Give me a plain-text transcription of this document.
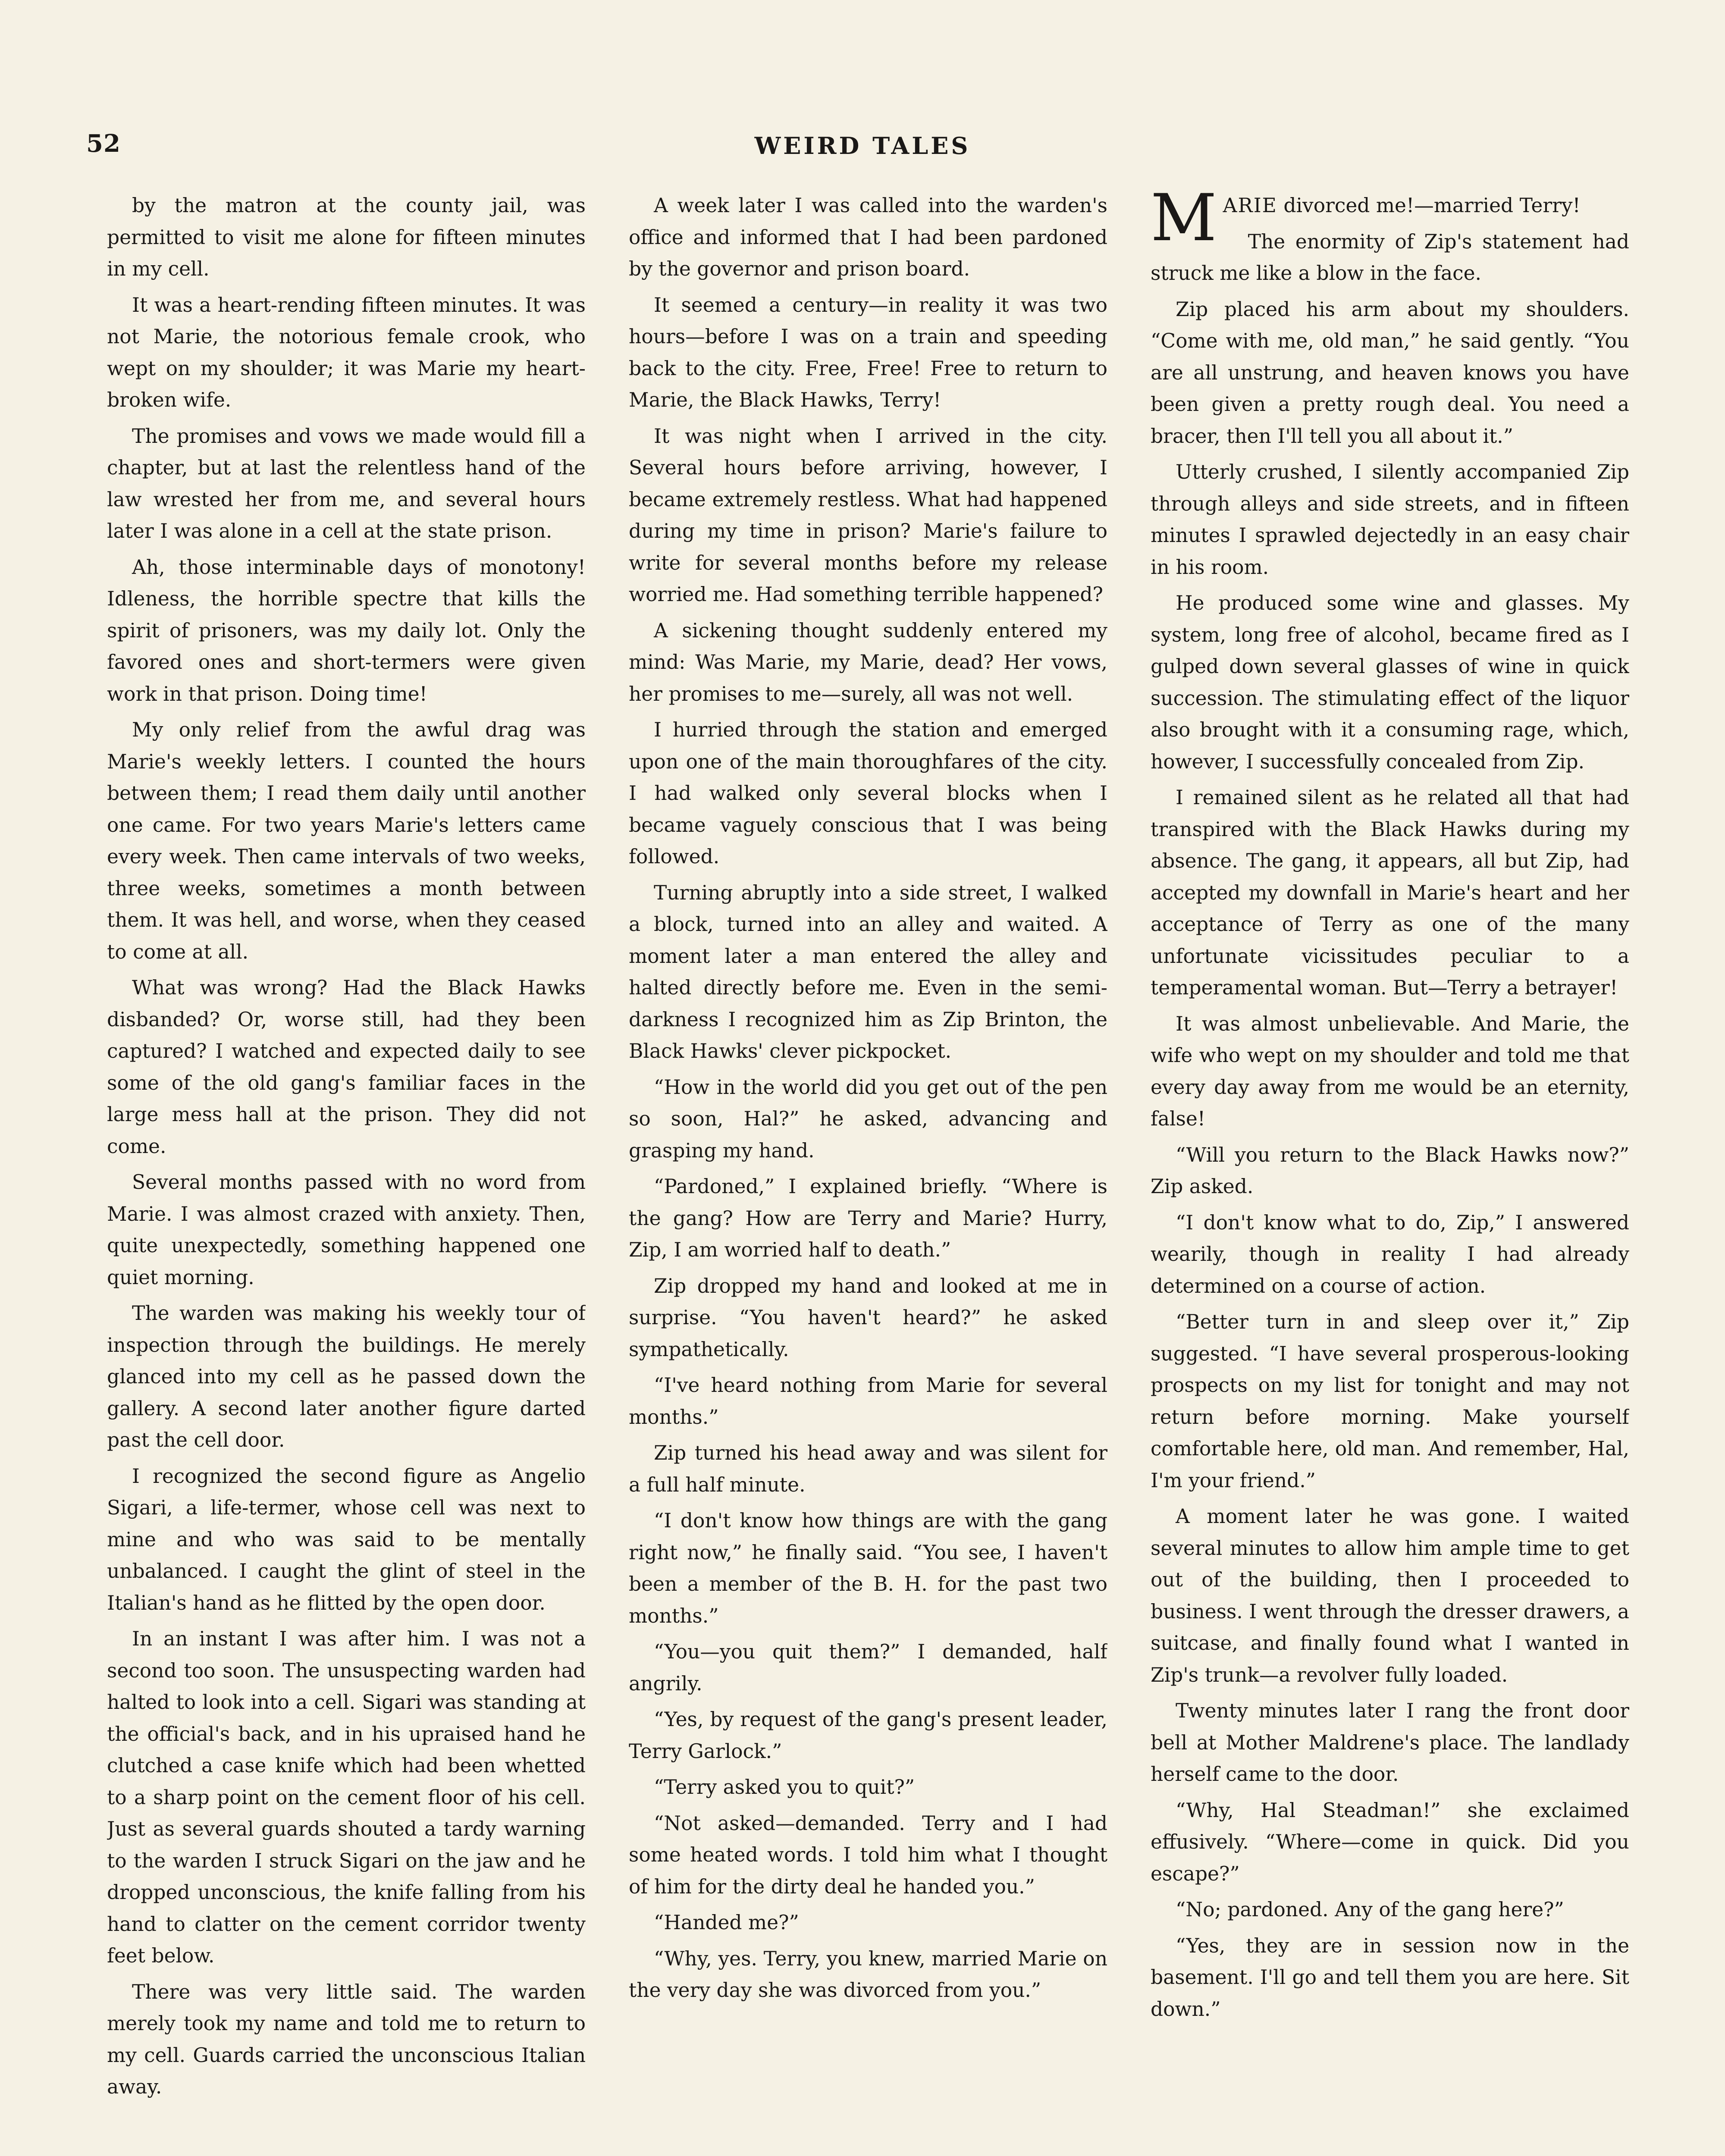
52	WEIRD TALES

by the matron at the county jail, was permitted to visit me alone for fifteen minutes in my cell.

It was a heart-rending fifteen minutes. It was not Marie, the notorious female crook, who wept on my shoulder; it was Marie my heart-broken wife.

The promises and vows we made would fill a chapter, but at last the relentless hand of the law wrested her from me, and several hours later I was alone in a cell at the state prison.

Ah, those interminable days of monotony! Idleness, the horrible spectre that kills the spirit of prisoners, was my daily lot. Only the favored ones and short-termers were given work in that prison. Doing time!

My only relief from the awful drag was Marie's weekly letters. I counted the hours between them; I read them daily until another one came. For two years Marie's letters came every week. Then came intervals of two weeks, three weeks, sometimes a month between them. It was hell, and worse, when they ceased to come at all.

What was wrong? Had the Black Hawks disbanded? Or, worse still, had they been captured? I watched and expected daily to see some of the old gang's familiar faces in the large mess hall at the prison. They did not come.

Several months passed with no word from Marie. I was almost crazed with anxiety. Then, quite unexpectedly, something happened one quiet morning.

The warden was making his weekly tour of inspection through the buildings. He merely glanced into my cell as he passed down the gallery. A second later another figure darted past the cell door.

I recognized the second figure as Angelio Sigari, a life-termer, whose cell was next to mine and who was said to be mentally unbalanced. I caught the glint of steel in the Italian's hand as he flitted by the open door.

In an instant I was after him. I was not a second too soon. The unsuspecting warden had halted to look into a cell. Sigari was standing at the official's back, and in his upraised hand he clutched a case knife which had been whetted to a sharp point on the cement floor of his cell. Just as several guards shouted a tardy warning to the warden I struck Sigari on the jaw and he dropped unconscious, the knife falling from his hand to clatter on the cement corridor twenty feet below.

There was very little said. The warden merely took my name and told me to return to my cell. Guards carried the unconscious Italian away.

A week later I was called into the warden's office and informed that I had been pardoned by the governor and prison board.

It seemed a century—in reality it was two hours—before I was on a train and speeding back to the city. Free, Free! Free to return to Marie, the Black Hawks, Terry!

It was night when I arrived in the city. Several hours before arriving, however, I became extremely restless. What had happened during my time in prison? Marie's failure to write for several months before my release worried me. Had something terrible happened?

A sickening thought suddenly entered my mind: Was Marie, my Marie, dead? Her vows, her promises to me—surely, all was not well.

I hurried through the station and emerged upon one of the main thoroughfares of the city. I had walked only several blocks when I became vaguely conscious that I was being followed.

Turning abruptly into a side street, I walked a block, turned into an alley and waited. A moment later a man entered the alley and halted directly before me. Even in the semi-darkness I recognized him as Zip Brinton, the Black Hawks' clever pickpocket.

“How in the world did you get out of the pen so soon, Hal?” he asked, advancing and grasping my hand.

“Pardoned,” I explained briefly. “Where is the gang? How are Terry and Marie? Hurry, Zip, I am worried half to death.”

Zip dropped my hand and looked at me in surprise. “You haven't heard?” he asked sympathetically.

“I've heard nothing from Marie for several months.”

Zip turned his head away and was silent for a full half minute.

“I don't know how things are with the gang right now,” he finally said. “You see, I haven't been a member of the B. H. for the past two months.”

“You—you quit them?” I demanded, half angrily.

“Yes, by request of the gang's present leader, Terry Garlock.”

“Terry asked you to quit?”

“Not asked—demanded. Terry and I had some heated words. I told him what I thought of him for the dirty deal he handed you.”

“Handed me?”

“Why, yes. Terry, you knew, married Marie on the very day she was divorced from you.”

MARIE divorced me!—married Terry!

The enormity of Zip's statement had struck me like a blow in the face.

Zip placed his arm about my shoulders. “Come with me, old man,” he said gently. “You are all unstrung, and heaven knows you have been given a pretty rough deal. You need a bracer, then I'll tell you all about it.”

Utterly crushed, I silently accompanied Zip through alleys and side streets, and in fifteen minutes I sprawled dejectedly in an easy chair in his room.

He produced some wine and glasses. My system, long free of alcohol, became fired as I gulped down several glasses of wine in quick succession. The stimulating effect of the liquor also brought with it a consuming rage, which, however, I successfully concealed from Zip.

I remained silent as he related all that had transpired with the Black Hawks during my absence. The gang, it appears, all but Zip, had accepted my downfall in Marie's heart and her acceptance of Terry as one of the many unfortunate vicissitudes peculiar to a temperamental woman. But—Terry a betrayer!

It was almost unbelievable. And Marie, the wife who wept on my shoulder and told me that every day away from me would be an eternity, false!

“Will you return to the Black Hawks now?” Zip asked.

“I don't know what to do, Zip,” I answered wearily, though in reality I had already determined on a course of action.

“Better turn in and sleep over it,” Zip suggested. “I have several prosperous-looking prospects on my list for tonight and may not return before morning. Make yourself comfortable here, old man. And remember, Hal, I'm your friend.”

A moment later he was gone. I waited several minutes to allow him ample time to get out of the building, then I proceeded to business. I went through the dresser drawers, a suitcase, and finally found what I wanted in Zip's trunk—a revolver fully loaded.

Twenty minutes later I rang the front door bell at Mother Maldrene's place. The landlady herself came to the door.

“Why, Hal Steadman!” she exclaimed effusively. “Where—come in quick. Did you escape?”

“No; pardoned. Any of the gang here?”

“Yes, they are in session now in the basement. I'll go and tell them you are here. Sit down.”
